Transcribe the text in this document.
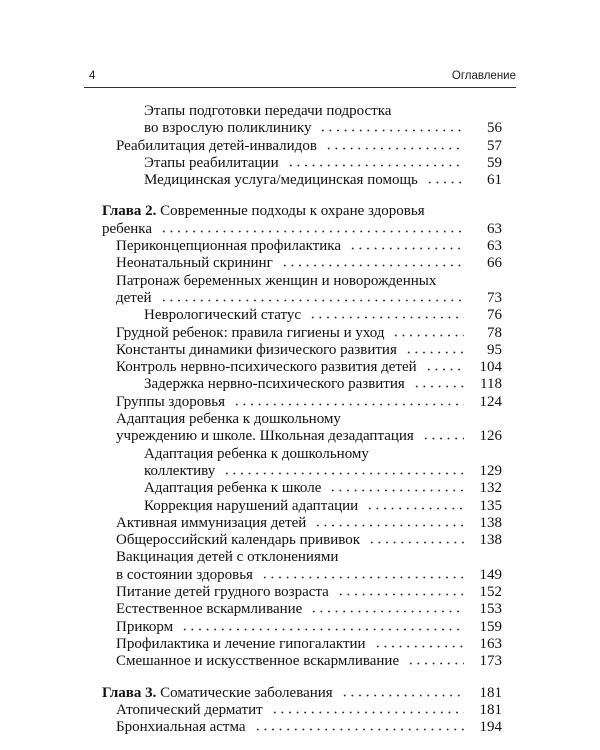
4	Оглавление
Этапы подготовки передачи подростка
во взрослую поликлинику	56
Реабилитация детей-инвалидов	57
Этапы реабилитации	59
Медицинская услуга/медицинская помощь	61
Глава 2. Современные подходы к охране здоровья
ребенка	63
Периконцепционная профилактика	63
Неонатальный скрининг	66
Патронаж беременных женщин и новорожденных
детей	73
Неврологический статус	76
Грудной ребенок: правила гигиены и уход	78
Константы динамики физического развития	95
Контроль нервно-психического развития детей	104
Задержка нервно-психического развития	118
Группы здоровья	124
Адаптация ребенка к дошкольному
учреждению и школе. Школьная дезадаптация	126
Адаптация ребенка к дошкольному
коллективу	129
Адаптация ребенка к школе	132
Коррекция нарушений адаптации	135
Активная иммунизация детей	138
Общероссийский календарь прививок	138
Вакцинация детей с отклонениями
в состоянии здоровья	149
Питание детей грудного возраста	152
Естественное вскармливание	153
Прикорм	159
Профилактика и лечение гипогалактии	163
Смешанное и искусственное вскармливание	173
Глава 3. Соматические заболевания	181
Атопический дерматит	181
Бронхиальная астма	194
